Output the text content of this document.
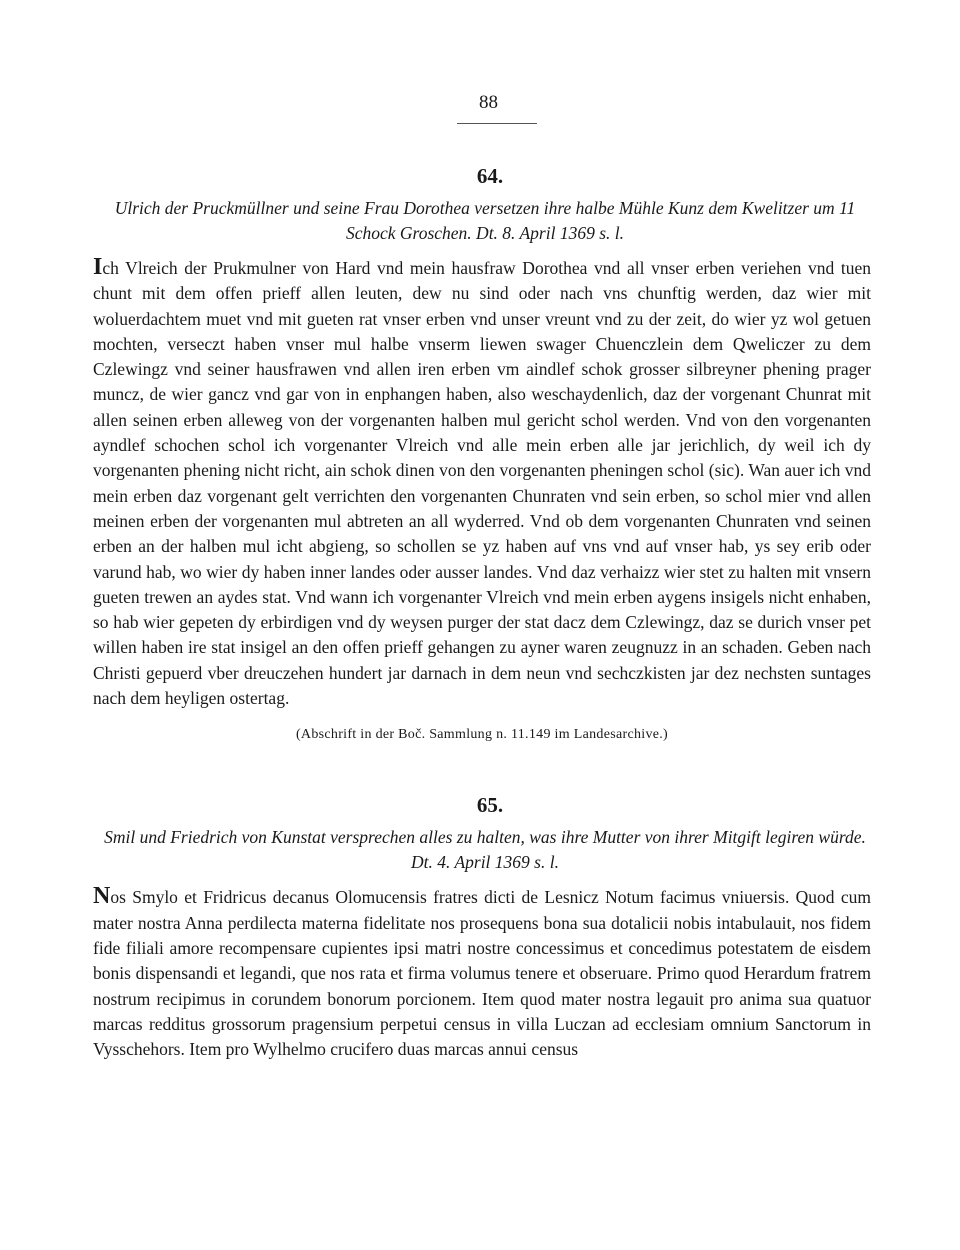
88
64.
Ulrich der Pruckmüllner und seine Frau Dorothea versetzen ihre halbe Mühle Kunz dem Kwelitzer um 11 Schock Groschen. Dt. 8. April 1369 s. l.

Ich Vlreich der Prukmulner von Hard vnd mein hausfraw Dorothea vnd all vnser erben veriehen vnd tuen chunt mit dem offen prieff allen leuten, dew nu sind oder nach vns chunftig werden, daz wier mit woluerdachtem muet vnd mit gueten rat vnser erben vnd unser vreunt vnd zu der zeit, do wier yz wol getuen mochten, verseczt haben vnser mul halbe vnserm liewen swager Chuenczlein dem Qweliczer zu dem Czlewingz vnd seiner hausfrawen vnd allen iren erben vm aindlef schok grosser silbreyner phening prager muncz, de wier gancz vnd gar von in enphangen haben, also weschaydenlich, daz der vorgenant Chunrat mit allen seinen erben alleweg von der vorgenanten halben mul gericht schol werden. Vnd von den vorgenanten ayndlef schochen schol ich vorgenanter Vlreich vnd alle mein erben alle jar jerichlich, dy weil ich dy vorgenanten phening nicht richt, ain schok dinen von den vorgenanten pheningen schol (sic). Wan auer ich vnd mein erben daz vorgenant gelt verrichten den vorgenanten Chunraten vnd sein erben, so schol mier vnd allen meinen erben der vorgenanten mul abtreten an all wyderred. Vnd ob dem vorgenanten Chunraten vnd seinen erben an der halben mul icht abgieng, so schollen se yz haben auf vns vnd auf vnser hab, ys sey erib oder varund hab, wo wier dy haben inner landes oder ausser landes. Vnd daz verhaizz wier stet zu halten mit vnsern gueten trewen an aydes stat. Vnd wann ich vorgenanter Vlreich vnd mein erben aygens insigels nicht enhaben, so hab wier gepeten dy erbirdigen vnd dy weysen purger der stat dacz dem Czlewingz, daz se durich vnser pet willen haben ire stat insigel an den offen prieff gehangen zu ayner waren zeugnuzz in an schaden. Geben nach Christi gepuerd vber dreuczehen hundert jar darnach in dem neun vnd sechczkisten jar dez nechsten suntages nach dem heyligen ostertag.

(Abschrift in der Boč. Sammlung n. 11.149 im Landesarchive.)
65.
Smil und Friedrich von Kunstat versprechen alles zu halten, was ihre Mutter von ihrer Mitgift legiren würde. Dt. 4. April 1369 s. l.

Nos Smylo et Fridricus decanus Olomucensis fratres dicti de Lesnicz Notum facimus vniuersis. Quod cum mater nostra Anna perdilecta materna fidelitate nos prosequens bona sua dotalicii nobis intabulauit, nos fidem fide filiali amore recompensare cupientes ipsi matri nostre concessimus et concedimus potestatem de eisdem bonis dispensandi et legandi, que nos rata et firma volumus tenere et obseruare. Primo quod Herardum fratrem nostrum recipimus in corundem bonorum porcionem. Item quod mater nostra legauit pro anima sua quatuor marcas redditus grossorum pragensium perpetui census in villa Luczan ad ecclesiam omnium Sanctorum in Vysschehors. Item pro Wylhelmo crucifero duas marcas annui census
